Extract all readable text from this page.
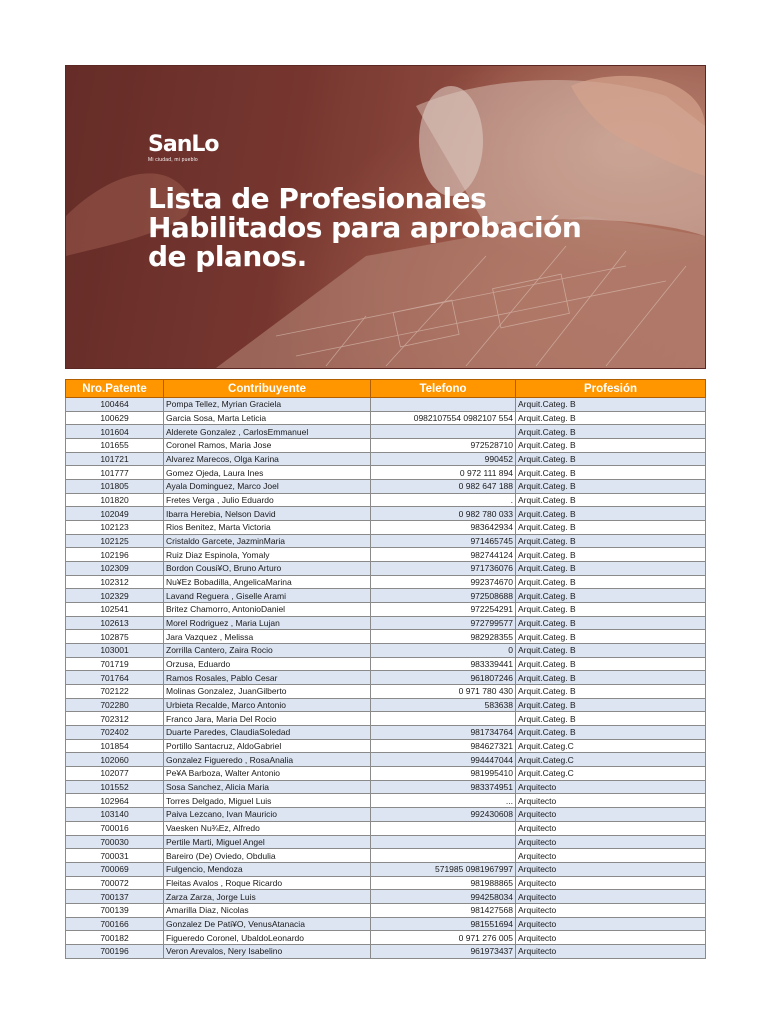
SanLo
Mi ciudad, mi pueblo
Lista de Profesionales
Habilitados para aprobación
de planos.
Nro.Patente	Contribuyente	Telefono	Profesión
100464	Pompa Tellez, Myrian Graciela		Arquit.Categ. B
100629	Garcia Sosa, Marta Leticia	0982107554 0982107 554	Arquit.Categ. B
101604	Alderete Gonzalez , CarlosEmmanuel		Arquit.Categ. B
101655	Coronel Ramos, Maria Jose	972528710	Arquit.Categ. B
101721	Alvarez Marecos, Olga Karina	990452	Arquit.Categ. B
101777	Gomez Ojeda, Laura Ines	0 972 111 894	Arquit.Categ. B
101805	Ayala Dominguez, Marco Joel	0 982 647 188	Arquit.Categ. B
101820	Fretes Verga , Julio Eduardo	.	Arquit.Categ. B
102049	Ibarra Herebia, Nelson David	0 982 780 033	Arquit.Categ. B
102123	Rios Benitez, Marta Victoria	983642934	Arquit.Categ. B
102125	Cristaldo Garcete, JazminMaria	971465745	Arquit.Categ. B
102196	Ruiz Diaz Espinola, Yomaly	982744124	Arquit.Categ. B
102309	Bordon Cousi¥O, Bruno Arturo	971736076	Arquit.Categ. B
102312	Nu¥Ez Bobadilla, AngelicaMarina	992374670	Arquit.Categ. B
102329	Lavand Reguera , Giselle Arami	972508688	Arquit.Categ. B
102541	Britez Chamorro, AntonioDaniel	972254291	Arquit.Categ. B
102613	Morel Rodriguez , Maria Lujan	972799577	Arquit.Categ. B
102875	Jara Vazquez , Melissa	982928355	Arquit.Categ. B
103001	Zorrilla Cantero, Zaira Rocio	0	Arquit.Categ. B
701719	Orzusa, Eduardo	983339441	Arquit.Categ. B
701764	Ramos Rosales, Pablo Cesar	961807246	Arquit.Categ. B
702122	Molinas Gonzalez, JuanGilberto	0 971 780 430	Arquit.Categ. B
702280	Urbieta Recalde, Marco Antonio	583638	Arquit.Categ. B
702312	Franco Jara, Maria Del Rocio		Arquit.Categ. B
702402	Duarte Paredes, ClaudiaSoledad	981734764	Arquit.Categ. B
101854	Portillo Santacruz, AldoGabriel	984627321	Arquit.Categ.C
102060	Gonzalez Figueredo , RosaAnalia	994447044	Arquit.Categ.C
102077	Pe¥A Barboza, Walter Antonio	981995410	Arquit.Categ.C
101552	Sosa Sanchez, Alicia Maria	983374951	Arquitecto
102964	Torres Delgado, Miguel Luis	...	Arquitecto
103140	Paiva Lezcano, Ivan Mauricio	992430608	Arquitecto
700016	Vaesken Nu¾Ez, Alfredo		Arquitecto
700030	Pertile Marti, Miguel Angel		Arquitecto
700031	Bareiro (De) Oviedo, Obdulia		Arquitecto
700069	Fulgencio, Mendoza	571985 0981967997	Arquitecto
700072	Fleitas Avalos , Roque Ricardo	981988865	Arquitecto
700137	Zarza Zarza, Jorge Luis	994258034	Arquitecto
700139	Amarilla Diaz, Nicolas	981427568	Arquitecto
700166	Gonzalez De Pati¥O, VenusAtanacia	981551694	Arquitecto
700182	Figueredo Coronel, UbaldoLeonardo	0 971 276 005	Arquitecto
700196	Veron Arevalos, Nery Isabelino	961973437	Arquitecto
